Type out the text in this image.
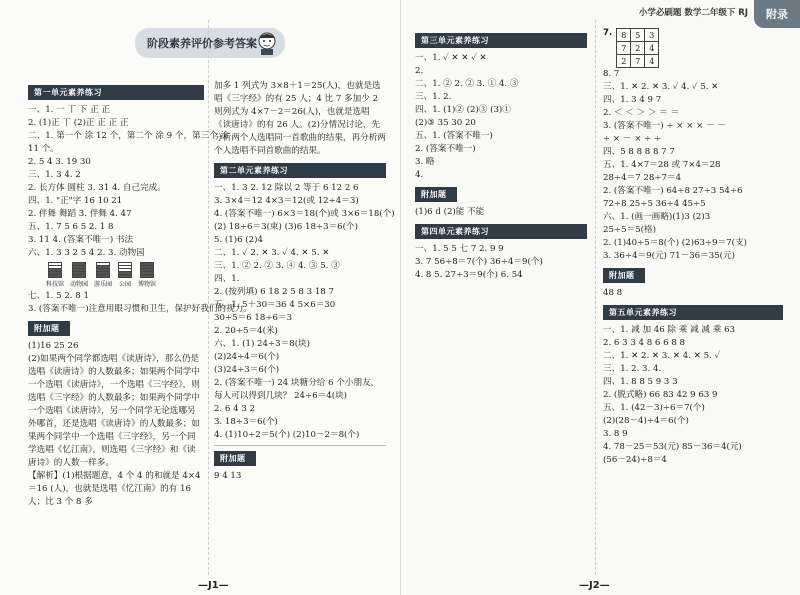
阶段素养评价参考答案
第一单元素养练习
一、1. 一 丅 下 正 正
2. (1)正 丅 (2)正 正 正 正
二、1. 第一个 涂 12 个，第二个 涂 9 个，第三个 涂
11 个。
2. 5 4 3. 19 30
三、1. 3 4. 2
2. 长方体 圆柱 3. 31 4. 自己完成。
四、1. "正"字 16 10 21
2. 伴舞 舞蹈 3. 伴舞 4. 47
五、1. 7 5 6 5 2. 1 8
3. 11 4. (答案不唯一) 书法
六、1. 3 3 2 5 4 2. 3. 动物园
科技馆 动物园 游乐园 公园 博物馆
七、1. 5 2. 8 1
3. (答案不唯一)注意用眼习惯和卫生，保护好我们的视力。
附加题
(1)16 25 26
(2)如果两个同学都选唱《读唐诗》，那么仍是选唱《读唐诗》的人数最多；如果两个同学中一个选唱《读唐诗》，一个选唱《三字经》，则选唱《三字经》的人数最多；如果两个同学中一个选唱《读唐诗》，另一个同学无论选哪另外哪首，还是选唱《读唐诗》的人数最多；如果两个同学中一个选唱《三字经》，另一个同学选唱《忆江南》，则选唱《三字经》和《读唐诗》的人数一样多。
【解析】(1)根据题意，4 个 4 的和就是 4×4＝16 (人)，也就是选唱《忆江南》的有 16 人；比 3 个 8 多
加多 1 列式为 3×8＋1＝25(人)，也就是选唱《三字经》的有 25 人；4 比 7 多加少 2 则列式为 4×7－2＝26(人)，也就是选唱《读唐诗》的有 26 人。(2)分情况讨论，先分析两个人选唱同一首歌曲的结果，再分析两个人选唱不同首歌曲的结果。
第二单元素养练习
一、1. 3 2. 12 除以 2 等于 6 12 2 6
3. 3×4＝12 4×3＝12(或 12÷4＝3)
4. (答案不唯一) 6×3＝18(个)或 3×6＝18(个)
(2) 18÷6＝3(束) (3)6 18÷3＝6(个)
5. (1)6 (2)4
二、1. ✓ 2. ✕ 3. ✓ 4. ✕ 5. ✕
三、1. ② 2. ② 3. ④ 4. ③ 5. ③
四、1.
2. (按列填) 6 18 2 5 8 3 18 7
五、1. 5＋30＝36 4 5×6＝30
30÷5＝6 18÷6＝3
2. 20÷5＝4(米)
六、1. (1) 24÷3＝8(块)
(2)24÷4＝6(个)
(3)24÷3＝6(个)
2. (答案不唯一) 24 块糖分给 6 个小朋友，每人可以得到几块？ 24÷6＝4(块)
2. 6 4 3 2
3. 18÷3＝6(个)
4. (1)10÷2＝5(个) (2)10－2＝8(个)
附加题
9 4 13
—J1—
小学必刷题 数学二年级下 RJ	附录
第三单元素养练习
一、1. ✓ ✕ ✕ ✓ ✕
2.
二、1. ② 2. ② 3. ① 4. ③
三、1. 2.
四、1. (1)② (2)③ (3)①
(2)③ 35 30 20
五、1. (答案不唯一)
2. (答案不唯一)
3. 略
4.
附加题
(1)6 d (2)能 不能
第四单元素养练习
一、1. 5 5 七 7 2. 9 9
3. 7 56÷8＝7(个) 36÷4＝9(个)
4. 8 5. 27÷3＝9(个) 6. 54
7. 8	5	3
7	2	4
2	7	4
8. 7
三、1. ✕ 2. ✕ 3. ✓ 4. ✓ 5. ✕
四、1. 3 4 9 7
2. ＜ ＜ ＞ ＞ ＝ ＝
3. (答案不唯一) ÷ × × × － －
÷ × － × ÷ ÷
四、5 8 8 8 8 7 7
五、1. 4×7＝28 或 7×4＝28
28÷4＝7 28÷7＝4
2. (答案不唯一) 64÷8 27÷3 54÷6
72÷8 25÷5 36÷4 45÷5
六、1. (画一画略)(1)3 (2)3
25÷5＝5(格)
2. (1)40÷5＝8(个) (2)63÷9＝7(支)
3. 36÷4＝9(元) 71－36＝35(元)
附加题
48 8
第五单元素养练习
一、1. 减 加 46 除 乘 减 减 乘 63
2. 6 3 3 4 8 6 6 8 8
二、1. ✕ 2. ✕ 3. ✕ 4. ✕ 5. ✓
三、1. 2. 3. 4.
四、1. 8 8 5 9 3 3
2. (脱式略) 66 83 42 9 63 9
五、1. (42－3)÷6＝7(个)
(2)(28－4)÷4＝6(个)
3. 8 9
4. 78－25＝53(元) 85－36＝4(元)
(56－24)÷8＝4
—J2—
